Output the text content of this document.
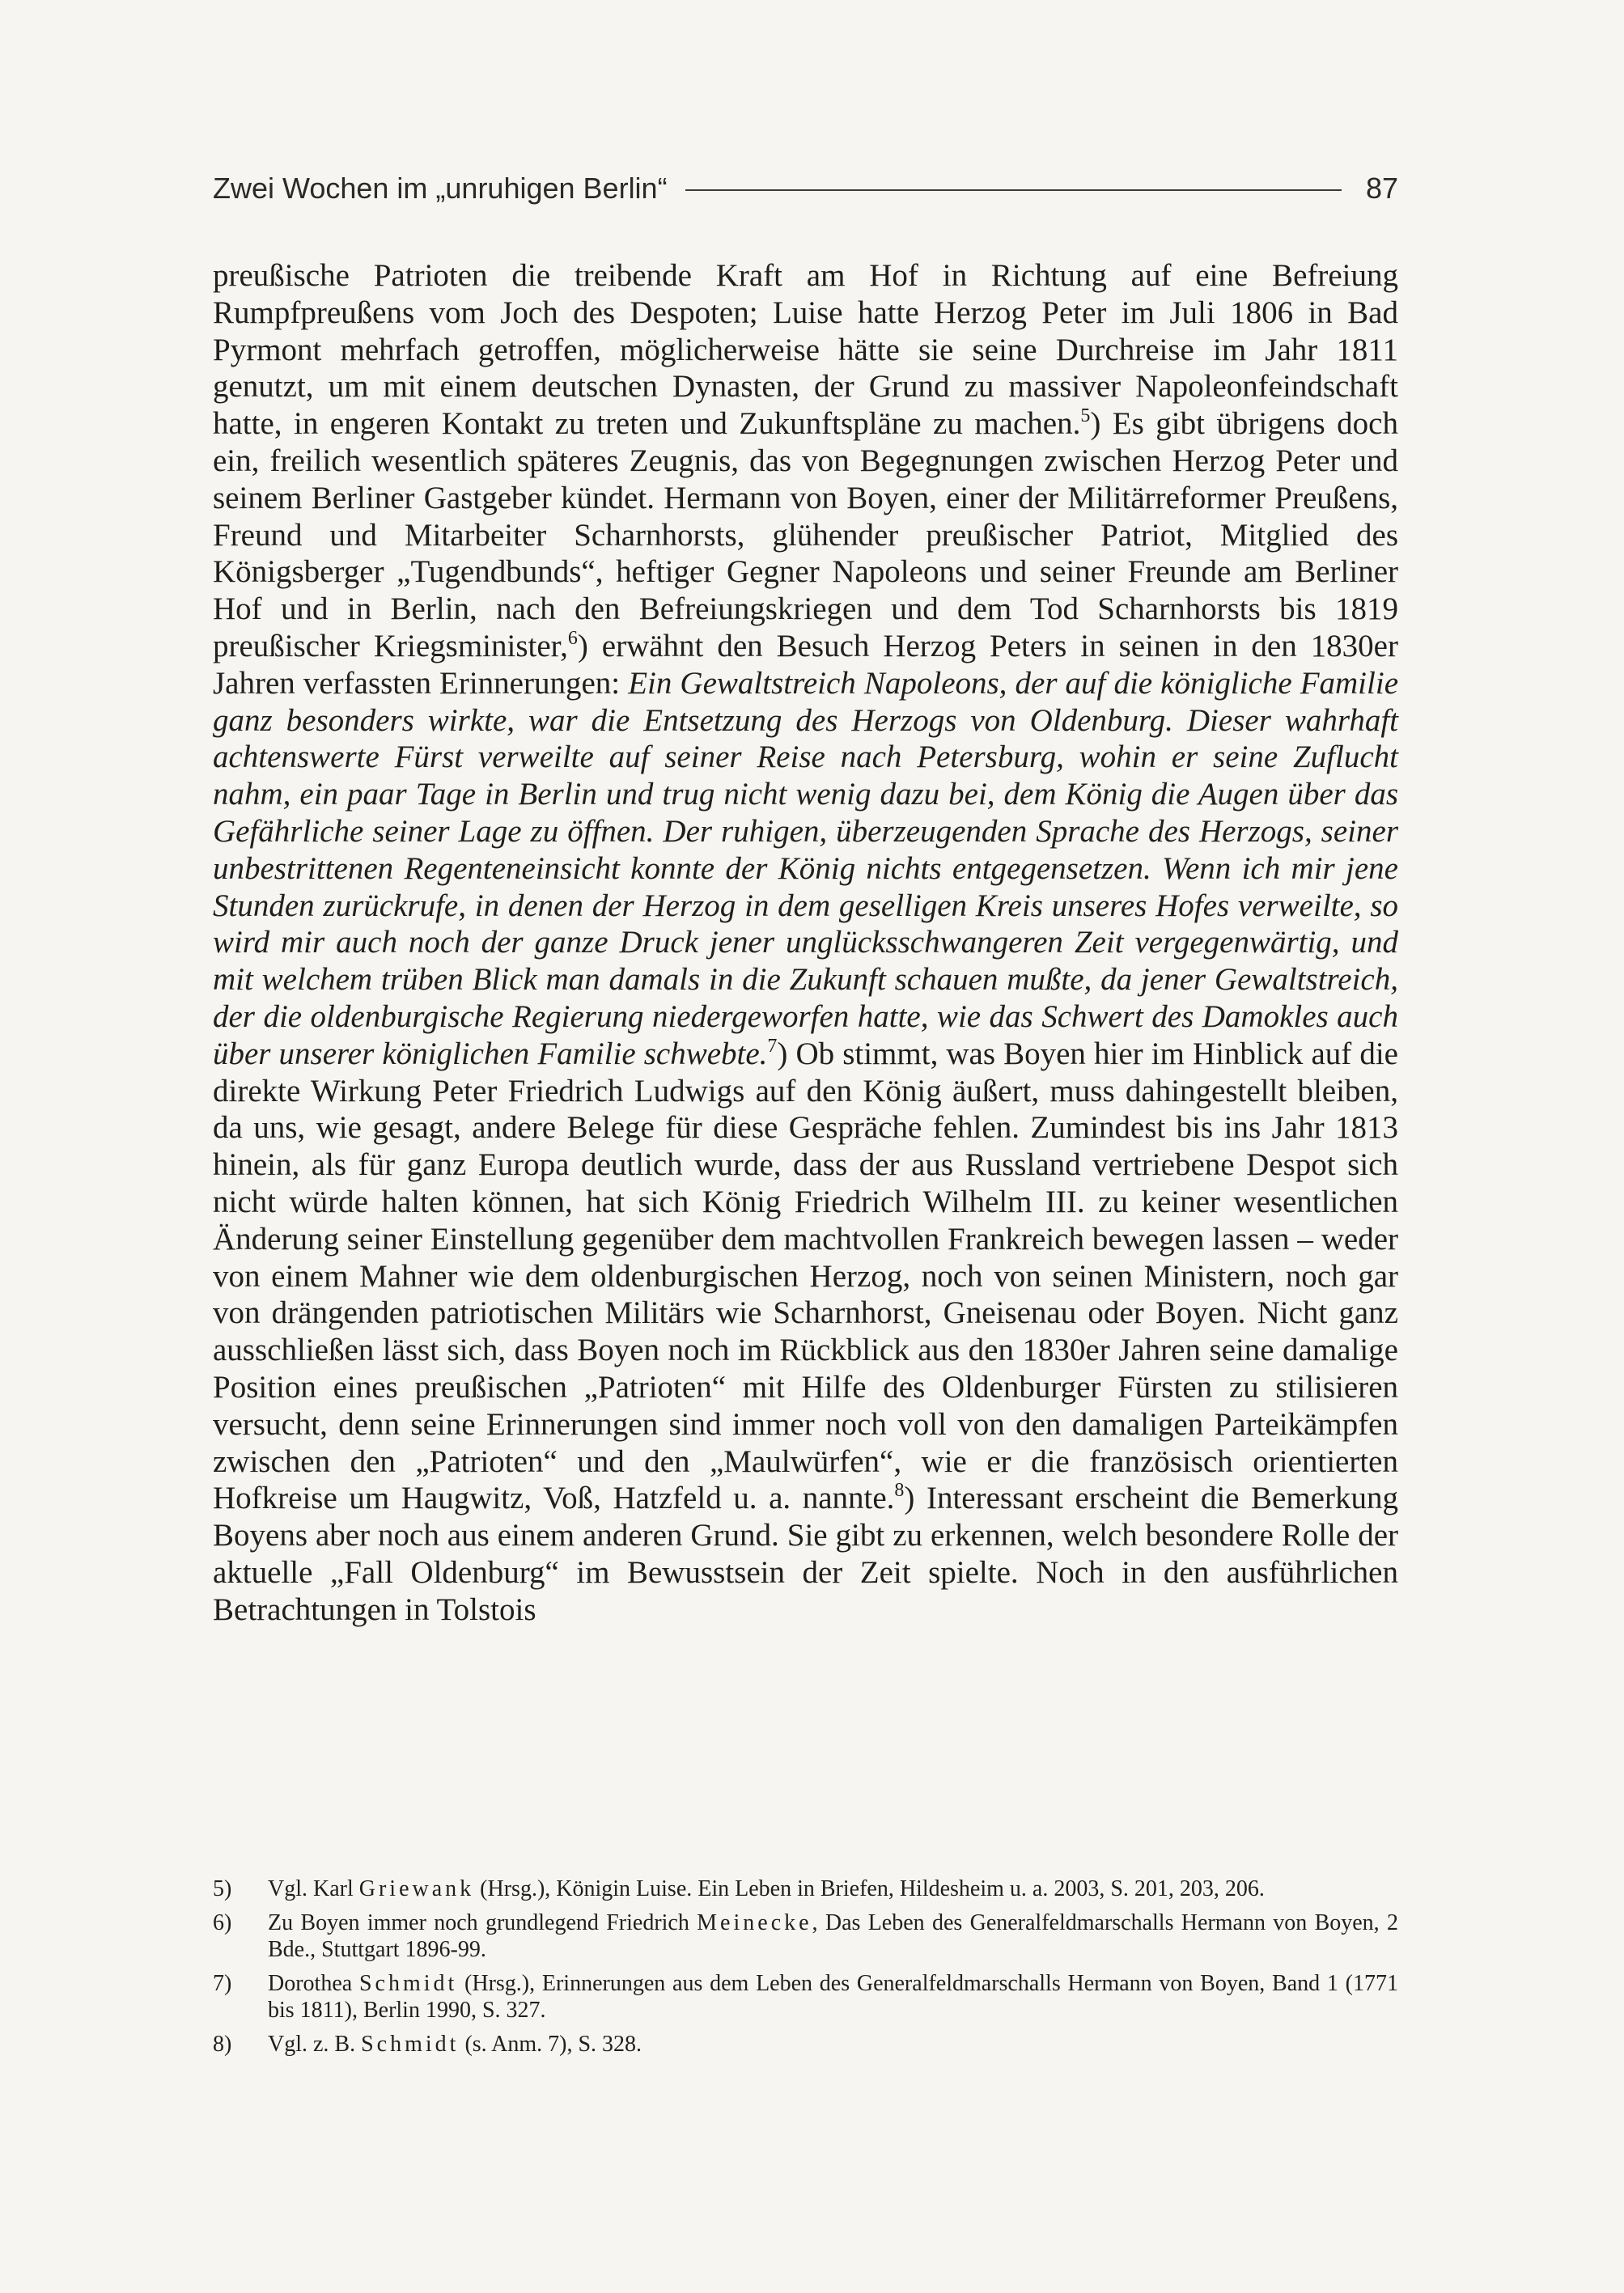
Zwei Wochen im „unruhigen Berlin“	87

preußische Patrioten die treibende Kraft am Hof in Richtung auf eine Befreiung Rumpfpreußens vom Joch des Despoten; Luise hatte Herzog Peter im Juli 1806 in Bad Pyrmont mehrfach getroffen, möglicherweise hätte sie seine Durchreise im Jahr 1811 genutzt, um mit einem deutschen Dynasten, der Grund zu massiver Napoleonfeindschaft hatte, in engeren Kontakt zu treten und Zukunftspläne zu machen.$^5$) Es gibt übrigens doch ein, freilich wesentlich späteres Zeugnis, das von Begegnungen zwischen Herzog Peter und seinem Berliner Gastgeber kündet. Hermann von Boyen, einer der Militärreformer Preußens, Freund und Mitarbeiter Scharnhorsts, glühender preußischer Patriot, Mitglied des Königsberger „Tugendbunds“, heftiger Gegner Napoleons und seiner Freunde am Berliner Hof und in Berlin, nach den Befreiungskriegen und dem Tod Scharnhorsts bis 1819 preußischer Kriegsminister,$^6$) erwähnt den Besuch Herzog Peters in seinen in den 1830er Jahren verfassten Erinnerungen: Ein Gewaltstreich Napoleons, der auf die königliche Familie ganz besonders wirkte, war die Entsetzung des Herzogs von Oldenburg. Dieser wahrhaft achtenswerte Fürst verweilte auf seiner Reise nach Petersburg, wohin er seine Zuflucht nahm, ein paar Tage in Berlin und trug nicht wenig dazu bei, dem König die Augen über das Gefährliche seiner Lage zu öffnen. Der ruhigen, überzeugenden Sprache des Herzogs, seiner unbestrittenen Regenteneinsicht konnte der König nichts entgegensetzen. Wenn ich mir jene Stunden zurückrufe, in denen der Herzog in dem geselligen Kreis unseres Hofes verweilte, so wird mir auch noch der ganze Druck jener unglücksschwangeren Zeit vergegenwärtig, und mit welchem trüben Blick man damals in die Zukunft schauen mußte, da jener Gewaltstreich, der die oldenburgische Regierung niedergeworfen hatte, wie das Schwert des Damokles auch über unserer königlichen Familie schwebte.$^7$) Ob stimmt, was Boyen hier im Hinblick auf die direkte Wirkung Peter Friedrich Ludwigs auf den König äußert, muss dahingestellt bleiben, da uns, wie gesagt, andere Belege für diese Gespräche fehlen. Zumindest bis ins Jahr 1813 hinein, als für ganz Europa deutlich wurde, dass der aus Russland vertriebene Despot sich nicht würde halten können, hat sich König Friedrich Wilhelm III. zu keiner wesentlichen Änderung seiner Einstellung gegenüber dem machtvollen Frankreich bewegen lassen – weder von einem Mahner wie dem oldenburgischen Herzog, noch von seinen Ministern, noch gar von drängenden patriotischen Militärs wie Scharnhorst, Gneisenau oder Boyen. Nicht ganz ausschließen lässt sich, dass Boyen noch im Rückblick aus den 1830er Jahren seine damalige Position eines preußischen „Patrioten“ mit Hilfe des Oldenburger Fürsten zu stilisieren versucht, denn seine Erinnerungen sind immer noch voll von den damaligen Parteikämpfen zwischen den „Patrioten“ und den „Maulwürfen“, wie er die französisch orientierten Hofkreise um Haugwitz, Voß, Hatzfeld u. a. nannte.$^8$) Interessant erscheint die Bemerkung Boyens aber noch aus einem anderen Grund. Sie gibt zu erkennen, welch besondere Rolle der aktuelle „Fall Oldenburg“ im Bewusstsein der Zeit spielte. Noch in den ausführlichen Betrachtungen in Tolstois

5)	Vgl. Karl Griewank (Hrsg.), Königin Luise. Ein Leben in Briefen, Hildesheim u. a. 2003, S. 201, 203, 206.
6)	Zu Boyen immer noch grundlegend Friedrich Meinecke, Das Leben des Generalfeldmarschalls Hermann von Boyen, 2 Bde., Stuttgart 1896-99.
7)	Dorothea Schmidt (Hrsg.), Erinnerungen aus dem Leben des Generalfeldmarschalls Hermann von Boyen, Band 1 (1771 bis 1811), Berlin 1990, S. 327.
8)	Vgl. z. B. Schmidt (s. Anm. 7), S. 328.
